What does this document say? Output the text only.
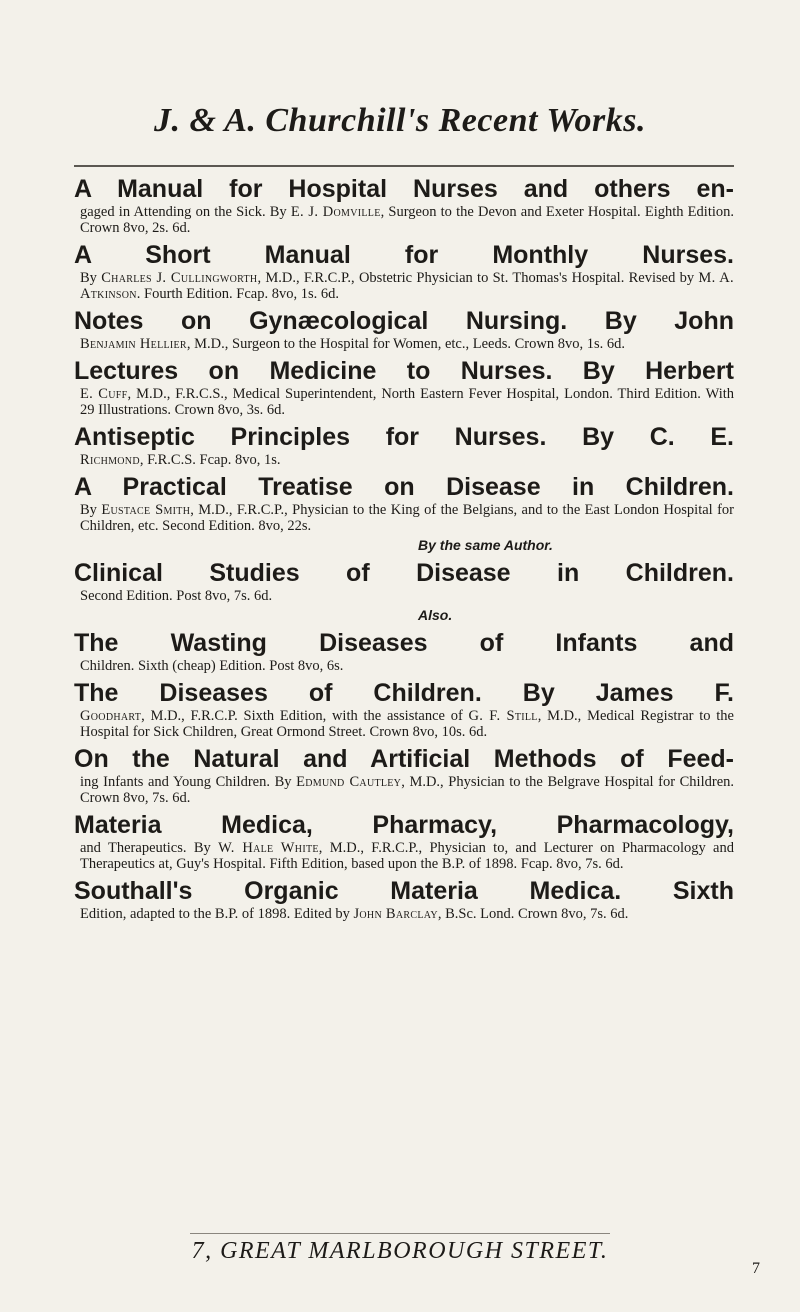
J. & A. Churchill's Recent Works.
A Manual for Hospital Nurses and others en-
gaged in Attending on the Sick. By E. J. Domville, Surgeon to the Devon and Exeter Hospital. Eighth Edition. Crown 8vo, 2s. 6d.
A Short Manual for Monthly Nurses.
By Charles J. Cullingworth, M.D., F.R.C.P., Obstetric Physician to St. Thomas's Hospital. Revised by M. A. Atkinson. Fourth Edition. Fcap. 8vo, 1s. 6d.
Notes on Gynæcological Nursing. By John
Benjamin Hellier, M.D., Surgeon to the Hospital for Women, etc., Leeds. Crown 8vo, 1s. 6d.
Lectures on Medicine to Nurses. By Herbert
E. Cuff, M.D., F.R.C.S., Medical Superintendent, North Eastern Fever Hospital, London. Third Edition. With 29 Illustrations. Crown 8vo, 3s. 6d.
Antiseptic Principles for Nurses. By C. E.
Richmond, F.R.C.S. Fcap. 8vo, 1s.
A Practical Treatise on Disease in Children.
By Eustace Smith, M.D., F.R.C.P., Physician to the King of the Belgians, and to the East London Hospital for Children, etc. Second Edition. 8vo, 22s.
By the same Author.
Clinical Studies of Disease in Children.
Second Edition. Post 8vo, 7s. 6d.
Also.
The Wasting Diseases of Infants and
Children. Sixth (cheap) Edition. Post 8vo, 6s.
The Diseases of Children. By James F.
Goodhart, M.D., F.R.C.P. Sixth Edition, with the assistance of G. F. Still, M.D., Medical Registrar to the Hospital for Sick Children, Great Ormond Street. Crown 8vo, 10s. 6d.
On the Natural and Artificial Methods of Feed-
ing Infants and Young Children. By Edmund Cautley, M.D., Physician to the Belgrave Hospital for Children. Crown 8vo, 7s. 6d.
Materia Medica, Pharmacy, Pharmacology,
and Therapeutics. By W. Hale White, M.D., F.R.C.P., Physician to, and Lecturer on Pharmacology and Therapeutics at, Guy's Hospital. Fifth Edition, based upon the B.P. of 1898. Fcap. 8vo, 7s. 6d.
Southall's Organic Materia Medica. Sixth
Edition, adapted to the B.P. of 1898. Edited by John Barclay, B.Sc. Lond. Crown 8vo, 7s. 6d.
7, GREAT MARLBOROUGH STREET.
7
